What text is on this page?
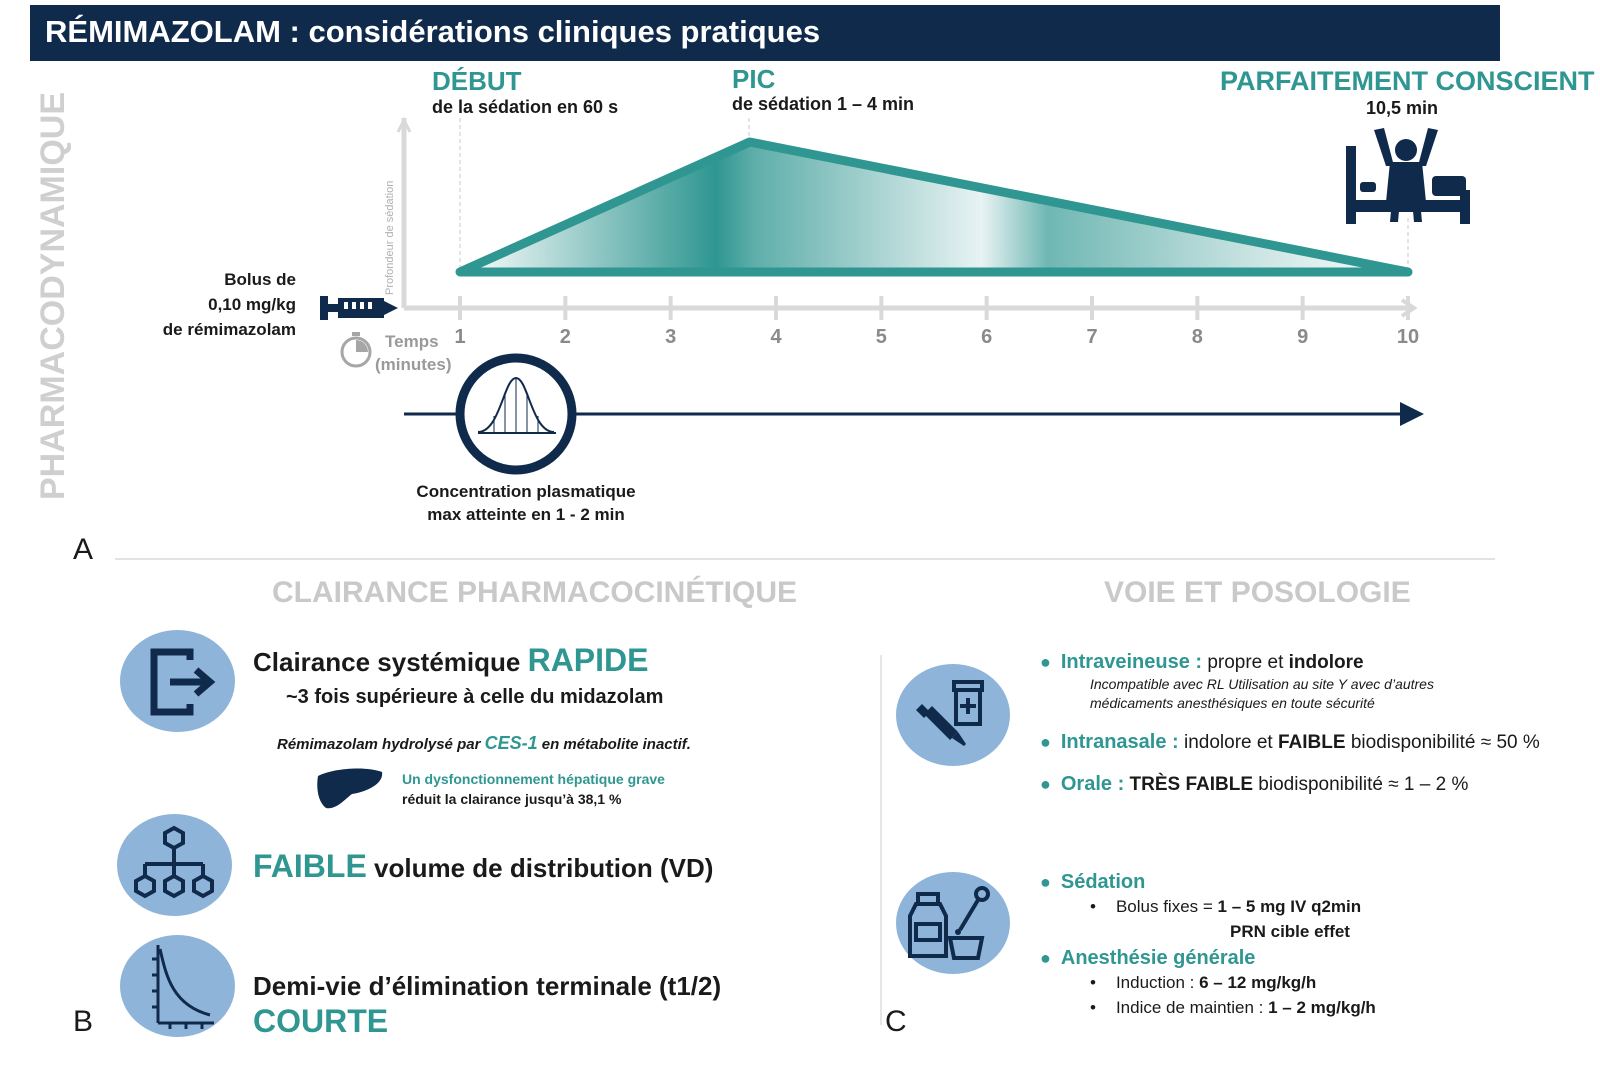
RÉMIMAZOLAM : considérations cliniques pratiques
PHARMACODYNAMIQUE
DÉBUT
de la sédation en 60 s
PIC
de sédation 1 – 4 min
PARFAITEMENT CONSCIENT
10,5 min
Profondeur de sédation
1	2	3	4	5	6	7	8	9	10
Bolus de
0,10 mg/kg
de rémimazolam
Temps
(minutes)
Concentration plasmatique
max atteinte en 1 - 2 min
A
CLAIRANCE PHARMACOCINÉTIQUE
Clairance systémique RAPIDE
~3 fois supérieure à celle du midazolam
Rémimazolam hydrolysé par CES-1 en métabolite inactif.
Un dysfonctionnement hépatique grave
réduit la clairance jusqu’à 38,1 %
FAIBLE volume de distribution (VD)
Demi-vie d’élimination terminale (t1/2)
COURTE
B
VOIE ET POSOLOGIE
● Intraveineuse : propre et indolore
Incompatible avec RL Utilisation au site Y avec d’autres
médicaments anesthésiques en toute sécurité
● Intranasale : indolore et FAIBLE biodisponibilité ≈ 50 %
● Orale : TRÈS FAIBLE biodisponibilité ≈ 1 – 2 %
● Sédation
• Bolus fixes = 1 – 5 mg IV q2min
PRN cible effet
● Anesthésie générale
• Induction : 6 – 12 mg/kg/h
• Indice de maintien : 1 – 2 mg/kg/h
C
